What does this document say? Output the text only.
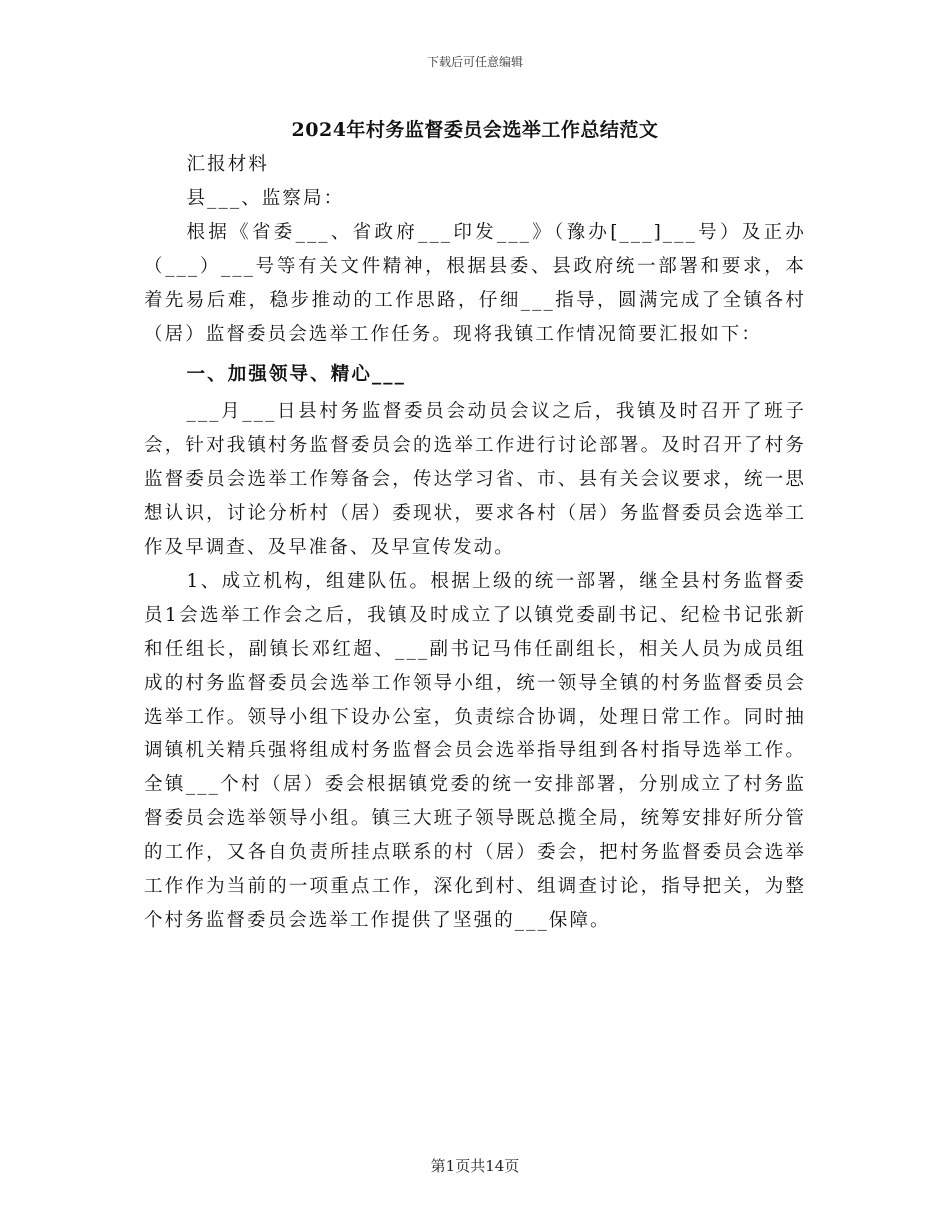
下载后可任意编辑
2024年村务监督委员会选举工作总结范文

汇报材料

县___、监察局：

根据《省委___、省政府___印发___》（豫办[___]___号）及正办（___）___号等有关文件精神，根据县委、县政府统一部署和要求，本着先易后难，稳步推动的工作思路，仔细___指导，圆满完成了全镇各村（居）监督委员会选举工作任务。现将我镇工作情况简要汇报如下：

一、加强领导、精心___

___月___日县村务监督委员会动员会议之后，我镇及时召开了班子会，针对我镇村务监督委员会的选举工作进行讨论部署。及时召开了村务监督委员会选举工作筹备会，传达学习省、市、县有关会议要求，统一思想认识，讨论分析村（居）委现状，要求各村（居）务监督委员会选举工作及早调查、及早准备、及早宣传发动。

1、成立机构，组建队伍。根据上级的统一部署，继全县村务监督委员1会选举工作会之后，我镇及时成立了以镇党委副书记、纪检书记张新和任组长，副镇长邓红超、___副书记马伟任副组长，相关人员为成员组成的村务监督委员会选举工作领导小组，统一领导全镇的村务监督委员会选举工作。领导小组下设办公室，负责综合协调，处理日常工作。同时抽调镇机关精兵强将组成村务监督会员会选举指导组到各村指导选举工作。全镇___个村（居）委会根据镇党委的统一安排部署，分别成立了村务监督委员会选举领导小组。镇三大班子领导既总揽全局，统筹安排好所分管的工作，又各自负责所挂点联系的村（居）委会，把村务监督委员会选举工作作为当前的一项重点工作，深化到村、组调查讨论，指导把关，为整个村务监督委员会选举工作提供了坚强的___保障。

第1页共14页
